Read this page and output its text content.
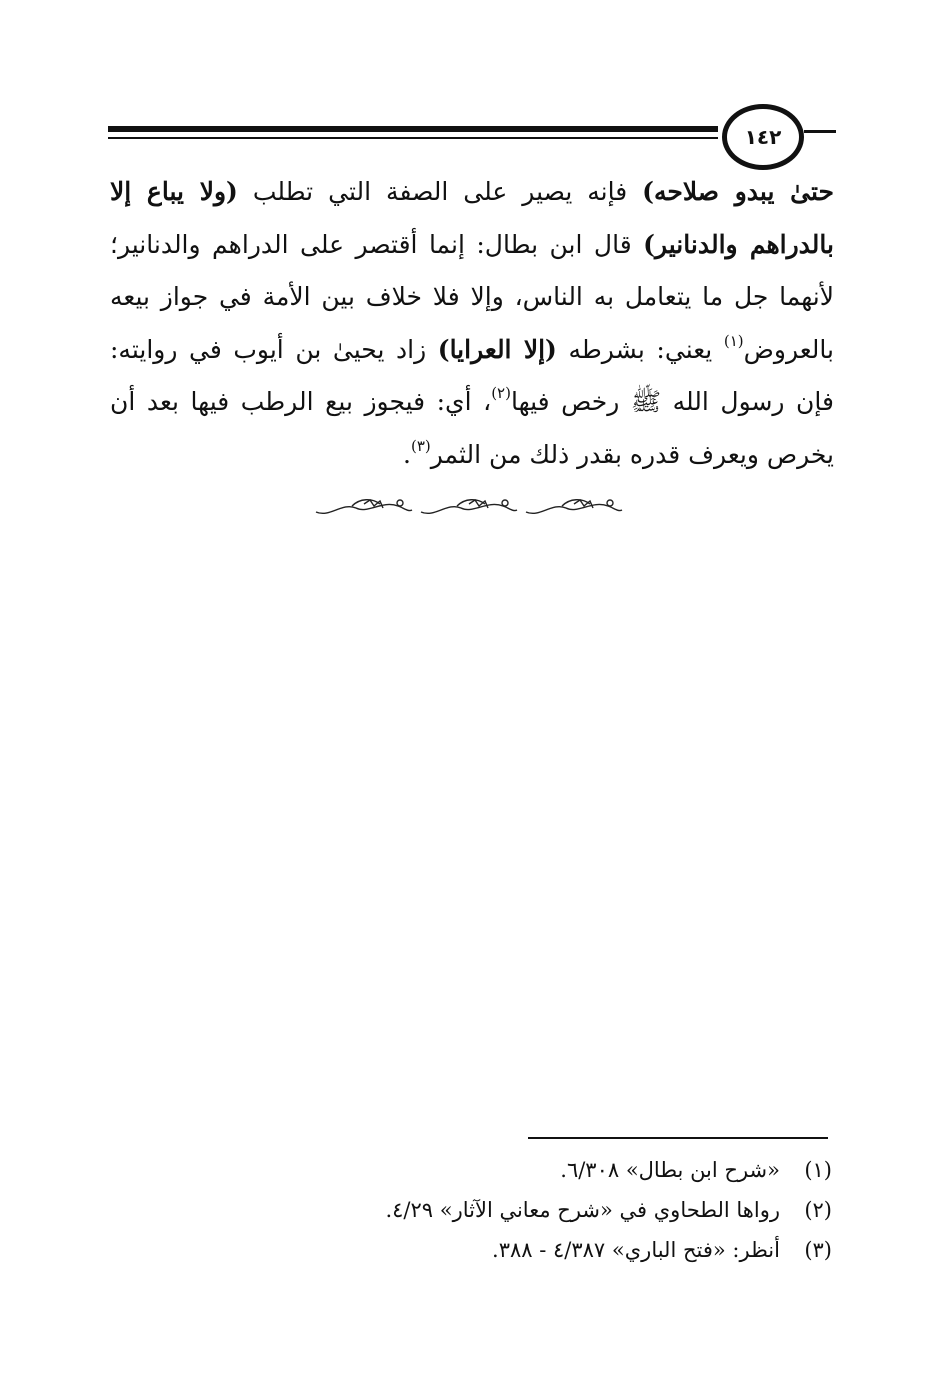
١٤٢
حتىٰ يبدو صلاحه) فإنه يصير على الصفة التي تطلب (ولا يباع إلا بالدراهم والدنانير) قال ابن بطال: إنما أقتصر على الدراهم والدنانير؛ لأنهما جل ما يتعامل به الناس، وإلا فلا خلاف بين الأمة في جواز بيعه بالعروض$^{(١)}$ يعني: بشرطه (إلا العرايا) زاد يحيىٰ بن أيوب في روايته: فإن رسول الله ﷺ رخص فيها$^{(٢)}$، أي: فيجوز بيع الرطب فيها بعد أن يخرص ويعرف قدره بقدر ذلك من الثمر$^{(٣)}$.
(١)
«شرح ابن بطال» ٦/٣٠٨.
(٢)
رواها الطحاوي في «شرح معاني الآثار» ٤/٢٩.
(٣)
أنظر: «فتح الباري» ٤/٣٨٧ - ٣٨٨.
